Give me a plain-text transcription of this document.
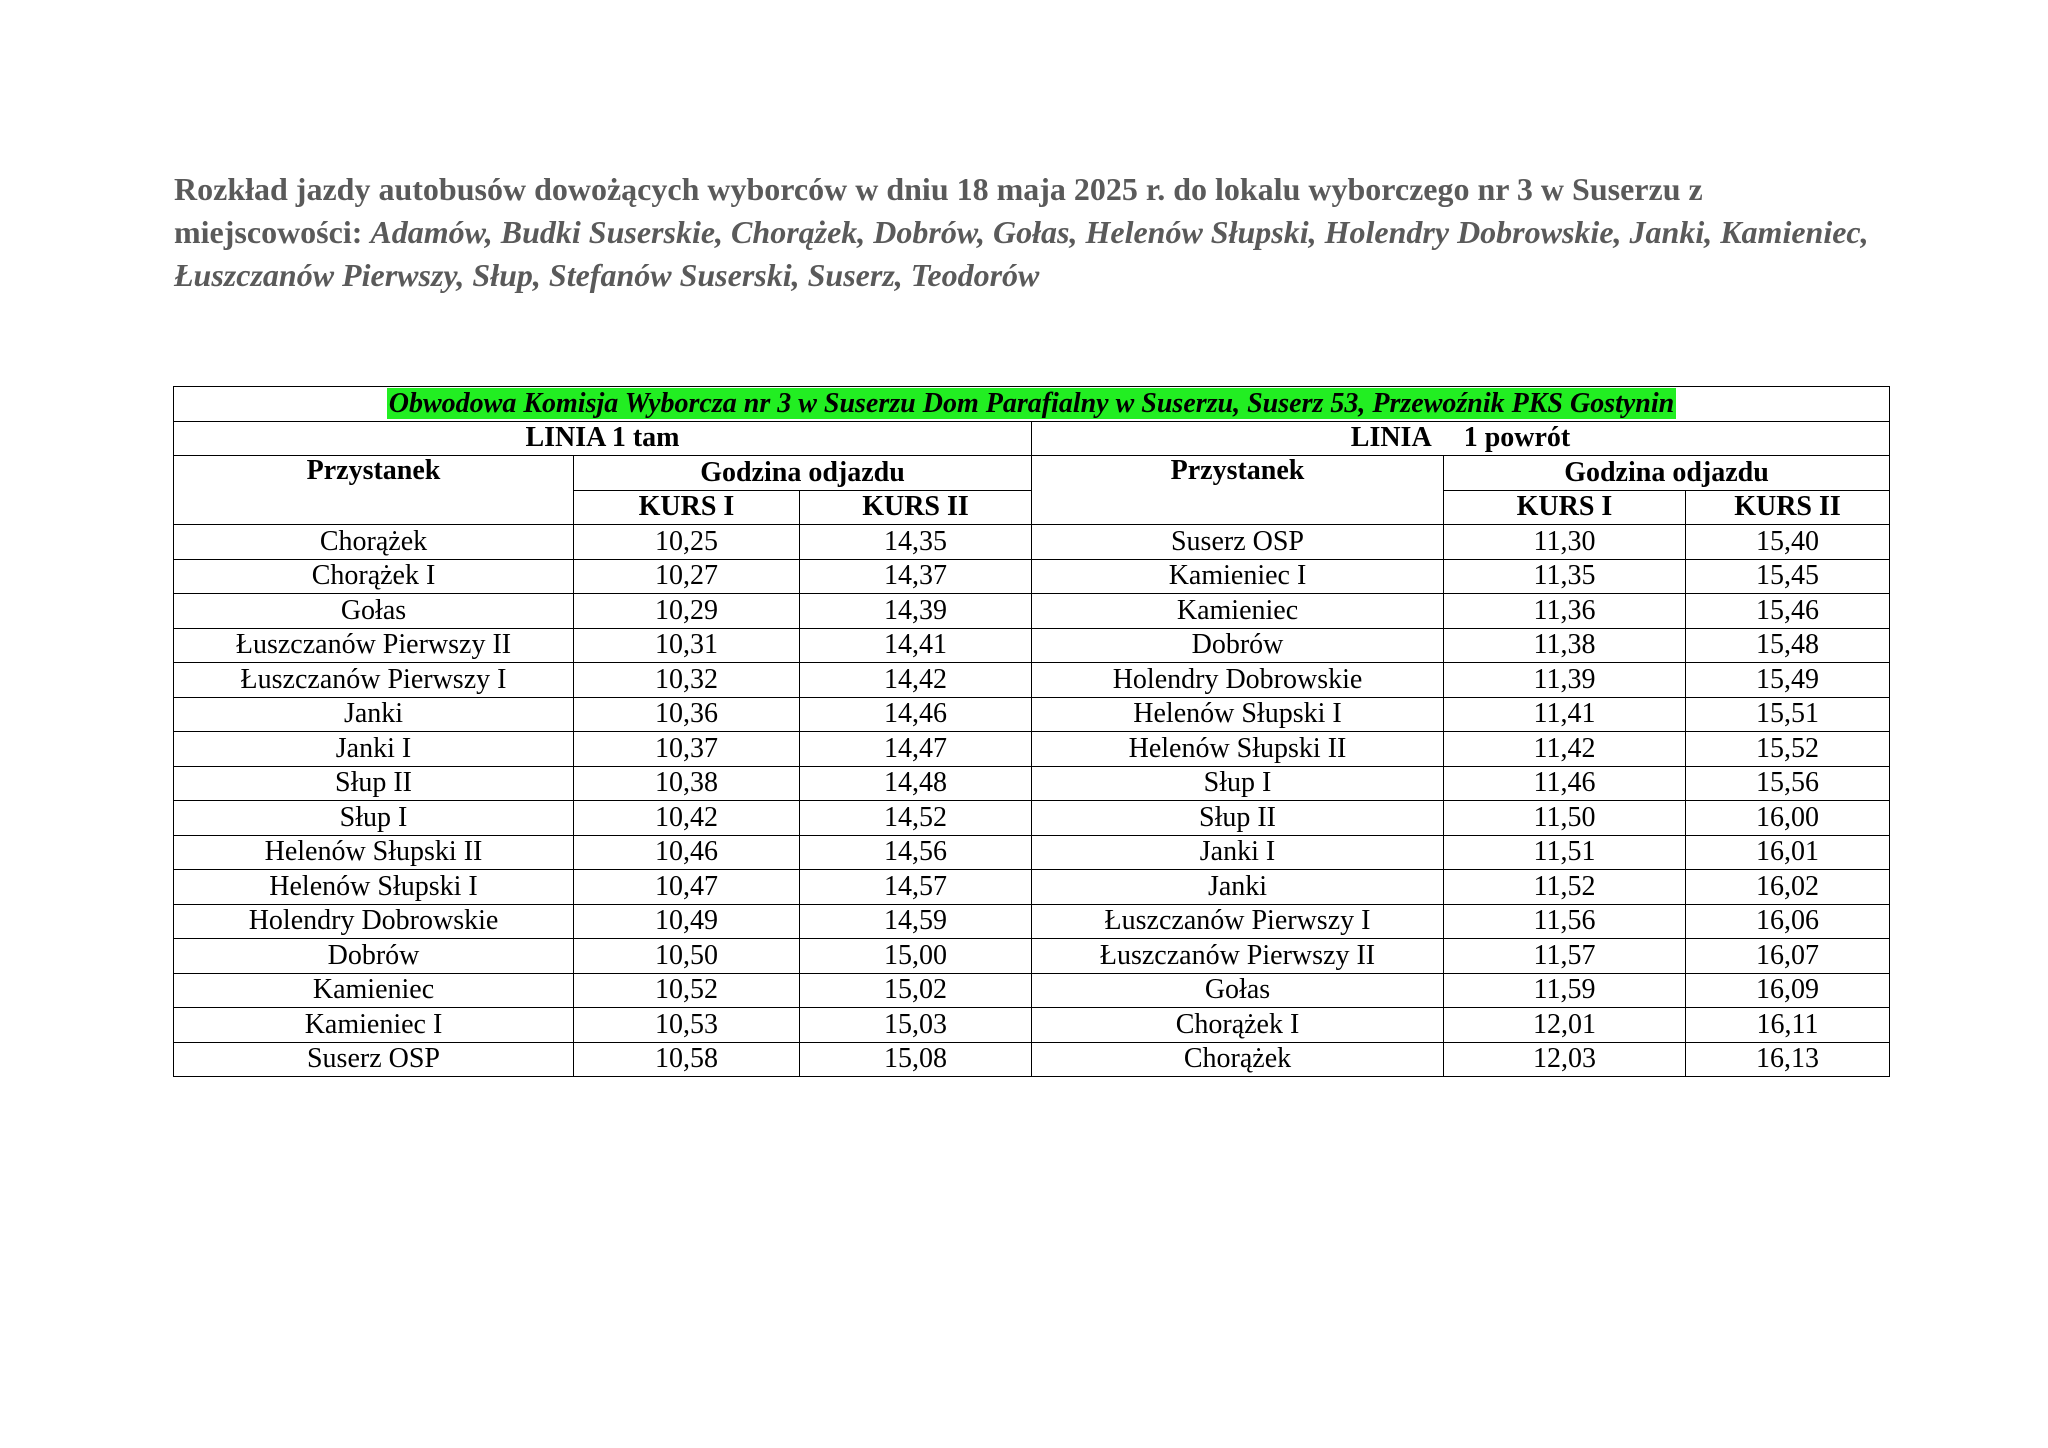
Rozkład jazdy autobusów dowożących wyborców w dniu 18 maja 2025 r. do lokalu wyborczego nr 3 w Suserzu z miejscowości: Adamów, Budki Suserskie, Chorążek, Dobrów, Gołas, Helenów Słupski, Holendry Dobrowskie, Janki, Kamieniec, Łuszczanów Pierwszy, Słup, Stefanów Suserski, Suserz, Teodorów
Obwodowa Komisja Wyborcza nr 3 w Suserzu Dom Parafialny w Suserzu, Suserz 53, Przewoźnik PKS Gostynin					
LINIA 1 tam			LINIA 1 powrót		
Przystanek	Godzina odjazdu		Przystanek	Godzina odjazdu	
	KURS I	KURS II		KURS I	KURS II
Chorążek	10,25	14,35	Suserz OSP	11,30	15,40
Chorążek I	10,27	14,37	Kamieniec I	11,35	15,45
Gołas	10,29	14,39	Kamieniec	11,36	15,46
Łuszczanów Pierwszy II	10,31	14,41	Dobrów	11,38	15,48
Łuszczanów Pierwszy I	10,32	14,42	Holendry Dobrowskie	11,39	15,49
Janki	10,36	14,46	Helenów Słupski I	11,41	15,51
Janki I	10,37	14,47	Helenów Słupski II	11,42	15,52
Słup II	10,38	14,48	Słup I	11,46	15,56
Słup I	10,42	14,52	Słup II	11,50	16,00
Helenów Słupski II	10,46	14,56	Janki I	11,51	16,01
Helenów Słupski I	10,47	14,57	Janki	11,52	16,02
Holendry Dobrowskie	10,49	14,59	Łuszczanów Pierwszy I	11,56	16,06
Dobrów	10,50	15,00	Łuszczanów Pierwszy II	11,57	16,07
Kamieniec	10,52	15,02	Gołas	11,59	16,09
Kamieniec I	10,53	15,03	Chorążek I	12,01	16,11
Suserz OSP	10,58	15,08	Chorążek	12,03	16,13
